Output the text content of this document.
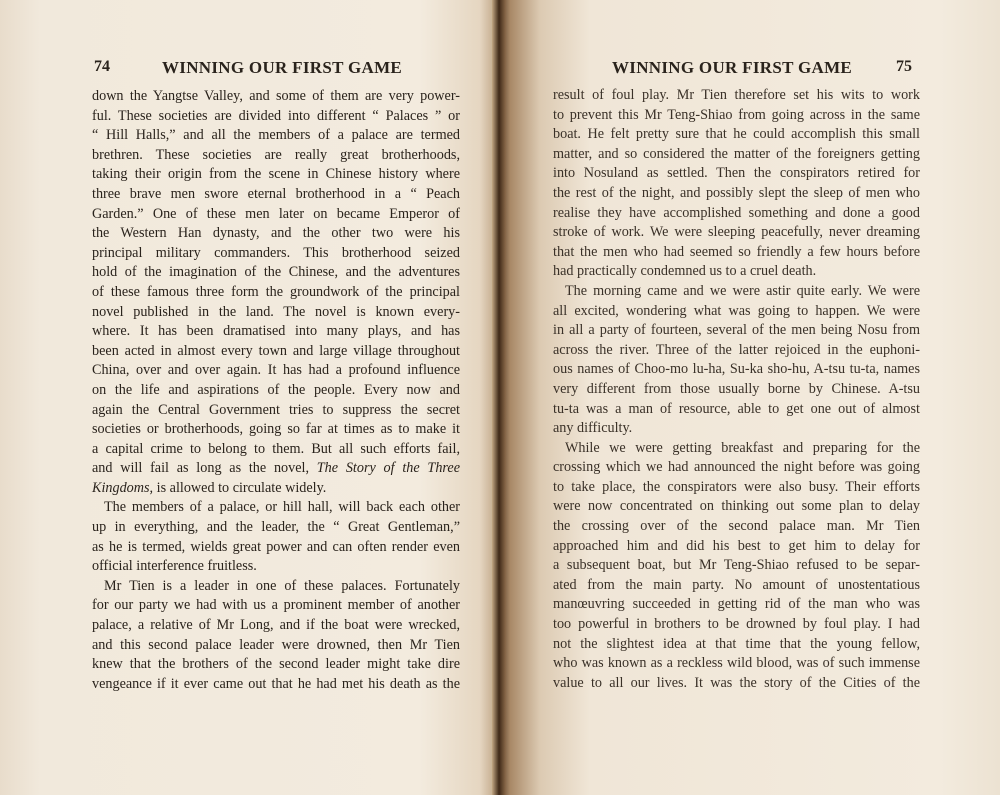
74	WINNING OUR FIRST GAME
down the Yangtse Valley, and some of them are very power-
ful. These societies are divided into different “ Palaces ” or
“ Hill Halls,” and all the members of a palace are termed
brethren. These societies are really great brotherhoods,
taking their origin from the scene in Chinese history where
three brave men swore eternal brotherhood in a “ Peach
Garden.” One of these men later on became Emperor of
the Western Han dynasty, and the other two were his
principal military commanders. This brotherhood seized
hold of the imagination of the Chinese, and the adventures
of these famous three form the groundwork of the principal
novel published in the land. The novel is known every-
where. It has been dramatised into many plays, and has
been acted in almost every town and large village throughout
China, over and over again. It has had a profound influence
on the life and aspirations of the people. Every now and
again the Central Government tries to suppress the secret
societies or brotherhoods, going so far at times as to make it
a capital crime to belong to them. But all such efforts fail,
and will fail as long as the novel, The Story of the Three
Kingdoms, is allowed to circulate widely.
The members of a palace, or hill hall, will back each other
up in everything, and the leader, the “ Great Gentleman,”
as he is termed, wields great power and can often render even
official interference fruitless.
Mr Tien is a leader in one of these palaces. Fortunately
for our party we had with us a prominent member of another
palace, a relative of Mr Long, and if the boat were wrecked,
and this second palace leader were drowned, then Mr Tien
knew that the brothers of the second leader might take dire
vengeance if it ever came out that he had met his death as the
WINNING OUR FIRST GAME	75
result of foul play. Mr Tien therefore set his wits to work
to prevent this Mr Teng-Shiao from going across in the same
boat. He felt pretty sure that he could accomplish this small
matter, and so considered the matter of the foreigners getting
into Nosuland as settled. Then the conspirators retired for
the rest of the night, and possibly slept the sleep of men who
realise they have accomplished something and done a good
stroke of work. We were sleeping peacefully, never dreaming
that the men who had seemed so friendly a few hours before
had practically condemned us to a cruel death.
The morning came and we were astir quite early. We were
all excited, wondering what was going to happen. We were
in all a party of fourteen, several of the men being Nosu from
across the river. Three of the latter rejoiced in the euphoni-
ous names of Choo-mo lu-ha, Su-ka sho-hu, A-tsu tu-ta, names
very different from those usually borne by Chinese. A-tsu
tu-ta was a man of resource, able to get one out of almost
any difficulty.
While we were getting breakfast and preparing for the
crossing which we had announced the night before was going
to take place, the conspirators were also busy. Their efforts
were now concentrated on thinking out some plan to delay
the crossing over of the second palace man. Mr Tien
approached him and did his best to get him to delay for
a subsequent boat, but Mr Teng-Shiao refused to be separ-
ated from the main party. No amount of unostentatious
manœuvring succeeded in getting rid of the man who was
too powerful in brothers to be drowned by foul play. I had
not the slightest idea at that time that the young fellow,
who was known as a reckless wild blood, was of such immense
value to all our lives. It was the story of the Cities of the
